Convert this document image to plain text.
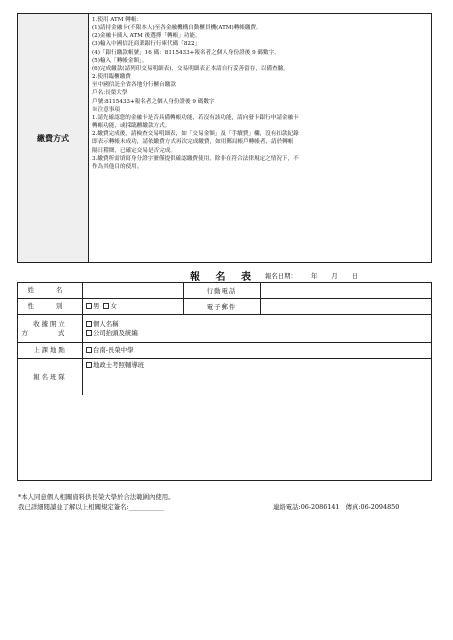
繳費方式
1.使用 ATM 轉帳：
(1)請持金融卡(不限本人)至各金融機構自動櫃員機(ATM)轉帳繳費。
(2)金融卡插入 ATM 後選擇「轉帳」功能。
(3)輸入中國信託商業銀行行庫代碼「822」
(4)「銀行繳款帳號」16 碼：8115433+報名者之個人身份證後 9 碼數字。
(5)輸入「轉帳金額」。
(6)完成繳款(請列印交易明細表)，交易明細表正本請自行妥善留存，以備查驗。
2.使用臨櫃繳費
至中國信託全省各地分行櫃台繳款
戶名:長榮大學
戶號:8115433+報名者之個人身份證後 9 碼數字
※注意事項
1.請先確認您的金融卡是否具備轉帳功能，若沒有該功能，請向發卡銀行申請金融卡
轉帳功能，或採臨櫃繳款方式。
2.繳費完成後，請檢查交易明細表，如「交易金額」及「手續費」欄，沒有扣款紀錄
即表示轉帳未成功，請依繳費方式再次完成繳費，如用郵局帳戶轉帳者，請於轉帳
隔日稽閱，已確定交易是否完成。
3.繳費所需填寫身分證字號僅提供確認繳費使用，除非在符合法律規定之情況下，不
作為其他目的使用。
報 名 表 報名日期： 年 月 日
姓 名	行動電話
性 別	男 女	電子郵件
收據開立
方 式
個人名稱
公司抬頭及統編
上課地點	台南-長榮中學
報名班隊
地政士考照輔導班
*本人同意個人相關資料供長榮大學於合法範圍內使用。
我已詳細閱讀並了解以上相關規定簽名:___________	連絡電話:06-2086141 傳真:06-2094850
